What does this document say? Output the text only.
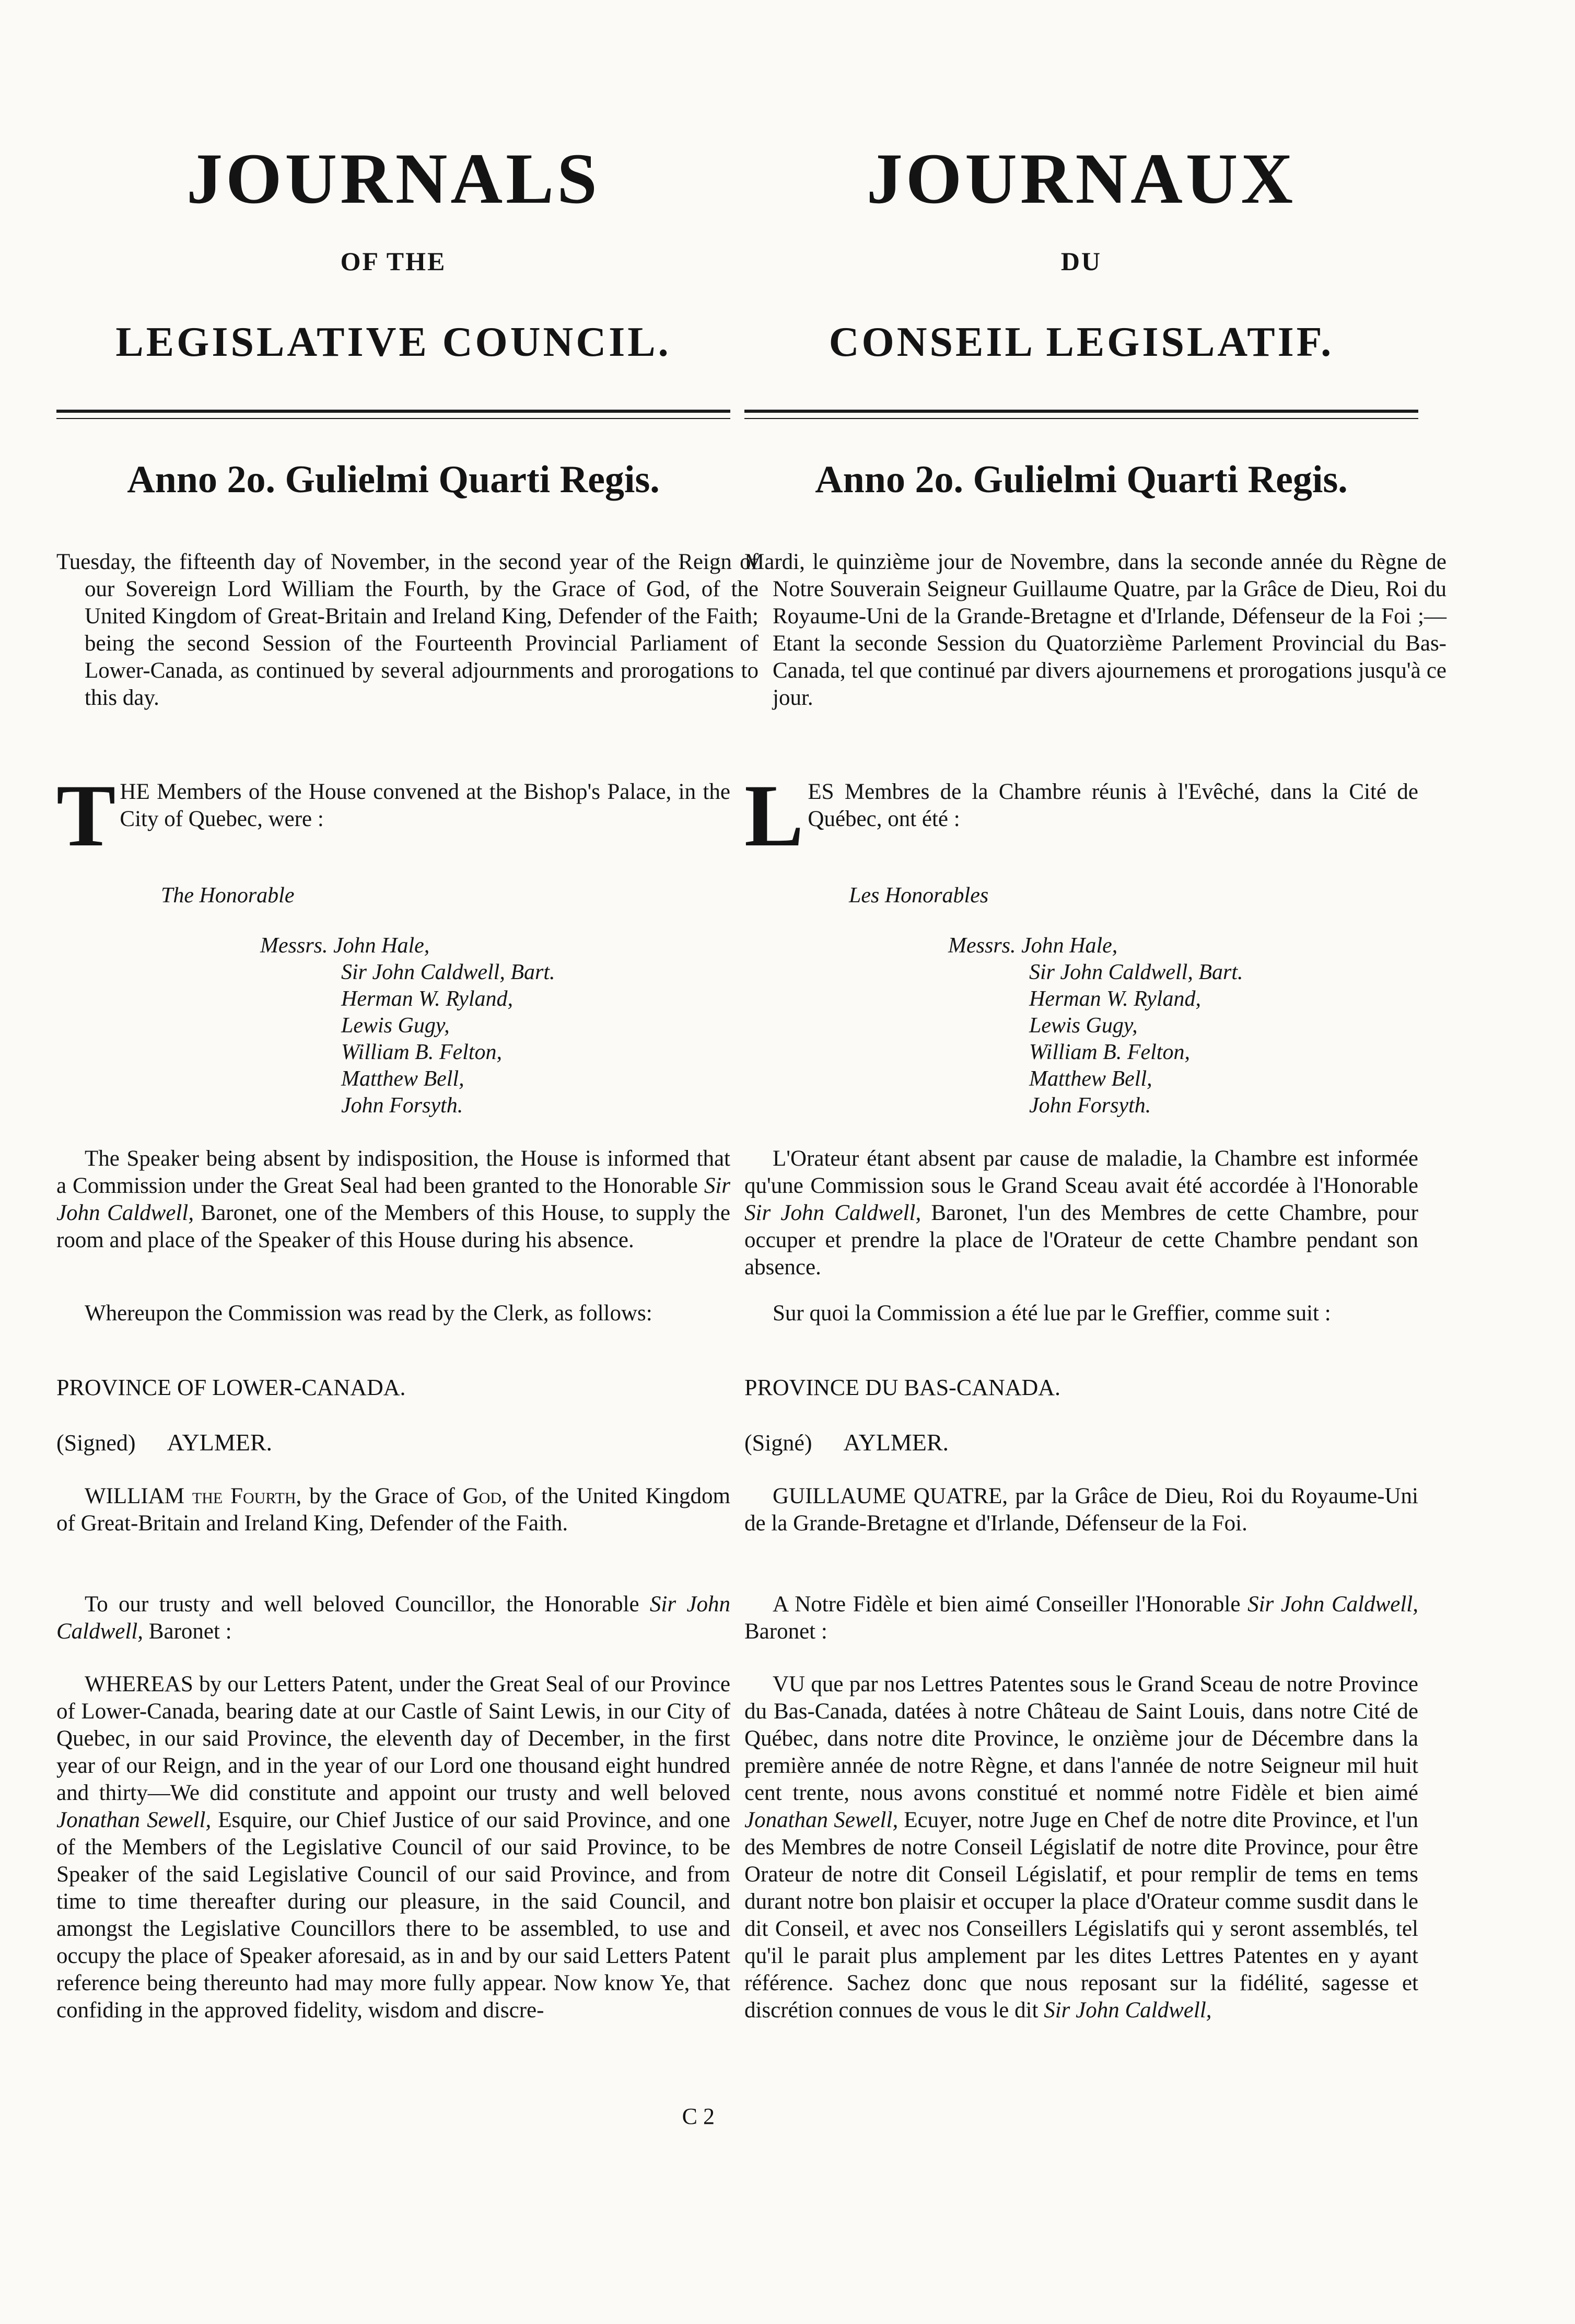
JOURNALS
OF THE
LEGISLATIVE COUNCIL.
Anno 2o. Gulielmi Quarti Regis.

Tuesday, the fifteenth day of November, in the second year of the Reign of our Sovereign Lord William the Fourth, by the Grace of God, of the United Kingdom of Great-Britain and Ireland King, Defender of the Faith; being the second Session of the Fourteenth Provincial Parliament of Lower-Canada, as continued by several adjournments and prorogations to this day.

THE Members of the House convened at the Bishop's Palace, in the City of Quebec, were :

The Honorable

Messrs. John Hale,
Sir John Caldwell, Bart.
Herman W. Ryland,
Lewis Gugy,
William B. Felton,
Matthew Bell,
John Forsyth.

The Speaker being absent by indisposition, the House is informed that a Commission under the Great Seal had been granted to the Honorable Sir John Caldwell, Baronet, one of the Members of this House, to supply the room and place of the Speaker of this House during his absence.

Whereupon the Commission was read by the Clerk, as follows:

PROVINCE OF LOWER-CANADA.

(Signed) AYLMER.

WILLIAM the Fourth, by the Grace of God, of the United Kingdom of Great-Britain and Ireland King, Defender of the Faith.

To our trusty and well beloved Councillor, the Honorable Sir John Caldwell, Baronet :

WHEREAS by our Letters Patent, under the Great Seal of our Province of Lower-Canada, bearing date at our Castle of Saint Lewis, in our City of Quebec, in our said Province, the eleventh day of December, in the first year of our Reign, and in the year of our Lord one thousand eight hundred and thirty—We did constitute and appoint our trusty and well beloved Jonathan Sewell, Esquire, our Chief Justice of our said Province, and one of the Members of the Legislative Council of our said Province, to be Speaker of the said Legislative Council of our said Province, and from time to time thereafter during our pleasure, in the said Council, and amongst the Legislative Councillors there to be assembled, to use and occupy the place of Speaker aforesaid, as in and by our said Letters Patent reference being thereunto had may more fully appear. Now know Ye, that confiding in the approved fidelity, wisdom and discre-

C 2

JOURNAUX
DU
CONSEIL LEGISLATIF.
Anno 2o. Gulielmi Quarti Regis.

Mardi, le quinzième jour de Novembre, dans la seconde année du Règne de Notre Souverain Seigneur Guillaume Quatre, par la Grâce de Dieu, Roi du Royaume-Uni de la Grande-Bretagne et d'Irlande, Défenseur de la Foi ;—Etant la seconde Session du Quatorzième Parlement Provincial du Bas-Canada, tel que continué par divers ajournemens et prorogations jusqu'à ce jour.

LES Membres de la Chambre réunis à l'Evêché, dans la Cité de Québec, ont été :

Les Honorables

Messrs. John Hale,
Sir John Caldwell, Bart.
Herman W. Ryland,
Lewis Gugy,
William B. Felton,
Matthew Bell,
John Forsyth.

L'Orateur étant absent par cause de maladie, la Chambre est informée qu'une Commission sous le Grand Sceau avait été accordée à l'Honorable Sir John Caldwell, Baronet, l'un des Membres de cette Chambre, pour occuper et prendre la place de l'Orateur de cette Chambre pendant son absence.

Sur quoi la Commission a été lue par le Greffier, comme suit :

PROVINCE DU BAS-CANADA.

(Signé) AYLMER.

GUILLAUME QUATRE, par la Grâce de Dieu, Roi du Royaume-Uni de la Grande-Bretagne et d'Irlande, Défenseur de la Foi.

A Notre Fidèle et bien aimé Conseiller l'Honorable Sir John Caldwell, Baronet :

VU que par nos Lettres Patentes sous le Grand Sceau de notre Province du Bas-Canada, datées à notre Château de Saint Louis, dans notre Cité de Québec, dans notre dite Province, le onzième jour de Décembre dans la première année de notre Règne, et dans l'année de notre Seigneur mil huit cent trente, nous avons constitué et nommé notre Fidèle et bien aimé Jonathan Sewell, Ecuyer, notre Juge en Chef de notre dite Province, et l'un des Membres de notre Conseil Législatif de notre dite Province, pour être Orateur de notre dit Conseil Législatif, et pour remplir de tems en tems durant notre bon plaisir et occuper la place d'Orateur comme susdit dans le dit Conseil, et avec nos Conseillers Législatifs qui y seront assemblés, tel qu'il le parait plus amplement par les dites Lettres Patentes en y ayant référence. Sachez donc que nous reposant sur la fidélité, sagesse et discrétion connues de vous le dit Sir John Caldwell,
